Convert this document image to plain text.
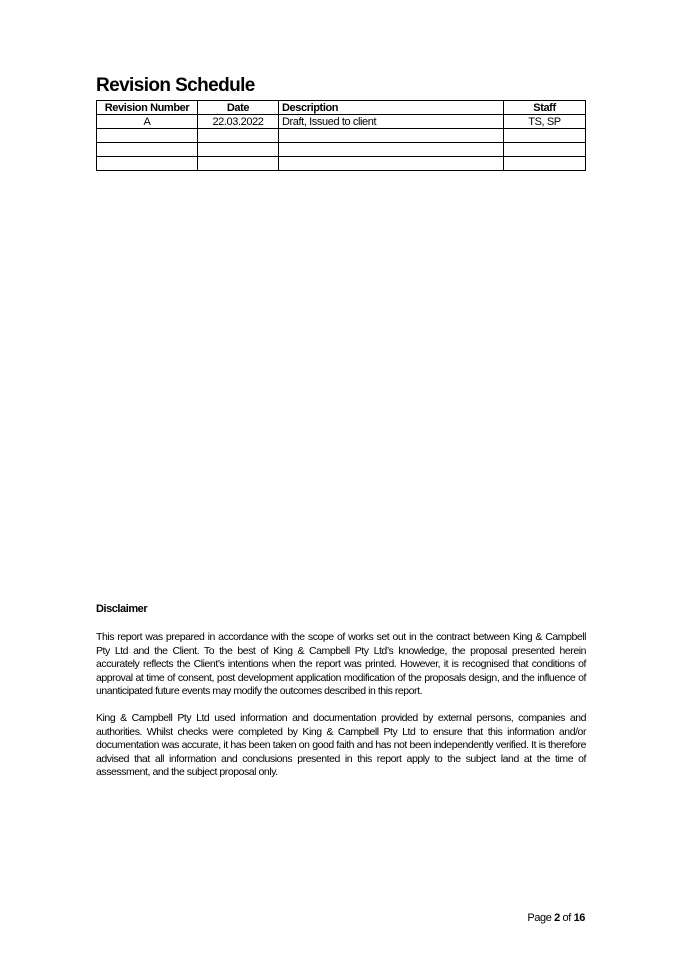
Revision Schedule
Revision Number	Date	Description	Staff
A	22.03.2022	Draft, Issued to client	TS, SP

Disclaimer

This report was prepared in accordance with the scope of works set out in the contract between King & Campbell Pty Ltd and the Client. To the best of King & Campbell Pty Ltd’s knowledge, the proposal presented herein accurately reflects the Client’s intentions when the report was printed. However, it is recognised that conditions of approval at time of consent, post development application modification of the proposals design, and the influence of unanticipated future events may modify the outcomes described in this report.

King & Campbell Pty Ltd used information and documentation provided by external persons, companies and authorities. Whilst checks were completed by King & Campbell Pty Ltd to ensure that this information and/or documentation was accurate, it has been taken on good faith and has not been independently verified. It is therefore advised that all information and conclusions presented in this report apply to the subject land at the time of assessment, and the subject proposal only.

Page 2 of 16
